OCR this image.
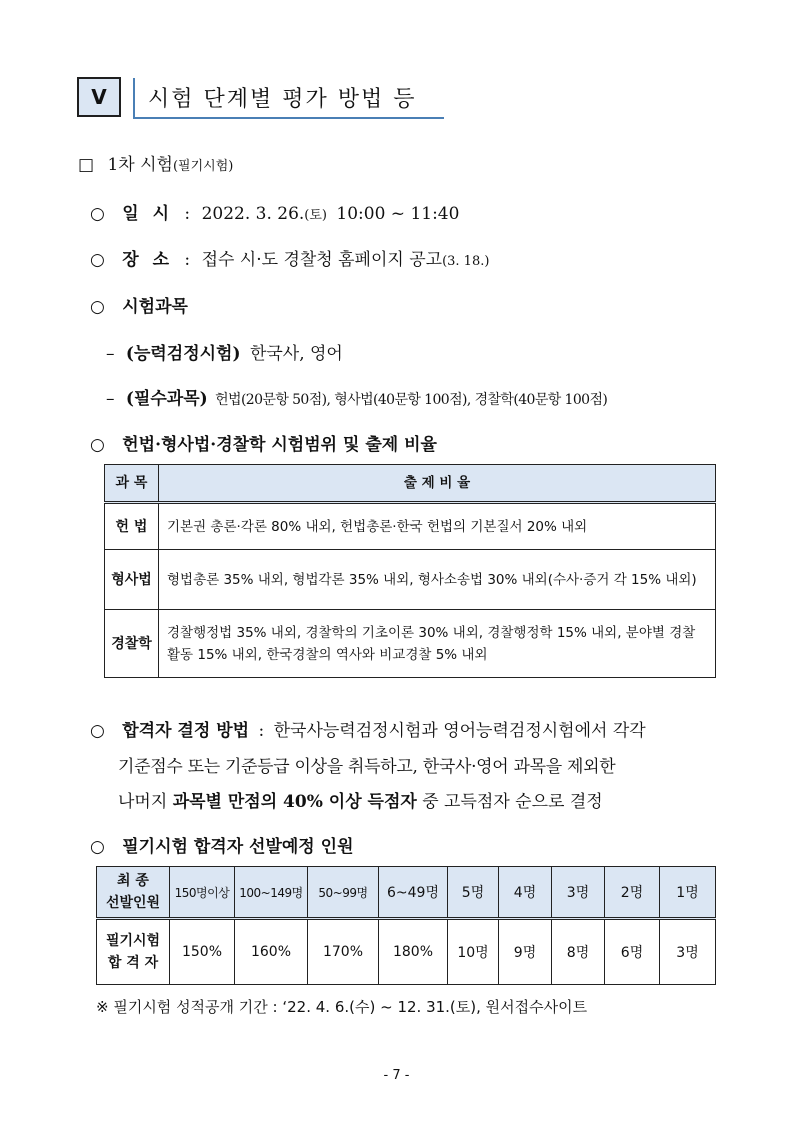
V 시험 단계별 평가 방법 등
□ 1차 시험(필기시험)
○ 일 시 : 2022. 3. 26.(토) 10:00 ~ 11:40
○ 장 소 : 접수 시·도 경찰청 홈페이지 공고(3. 18.)
○ 시험과목
– (능력검정시험) 한국사, 영어
– (필수과목) 헌법(20문항 50점), 형사법(40문항 100점), 경찰학(40문항 100점)
○ 헌법·형사법·경찰학 시험범위 및 출제 비율
과 목	출 제 비 율
헌 법	기본권 총론·각론 80% 내외, 헌법총론·한국 헌법의 기본질서 20% 내외
형사법	형법총론 35% 내외, 형법각론 35% 내외, 형사소송법 30% 내외(수사·증거 각 15% 내외)
경찰학	경찰행정법 35% 내외, 경찰학의 기초이론 30% 내외, 경찰행정학 15% 내외, 분야별 경찰활동 15% 내외, 한국경찰의 역사와 비교경찰 5% 내외
○ 합격자 결정 방법 : 한국사능력검정시험과 영어능력검정시험에서 각각
기준점수 또는 기준등급 이상을 취득하고, 한국사·영어 과목을 제외한
나머지 과목별 만점의 40% 이상 득점자 중 고득점자 순으로 결정
○ 필기시험 합격자 선발예정 인원
최 종
선발인원	150명이상	100~149명	50~99명	6~49명	5명	4명	3명	2명	1명

필기시험
합 격 자	150%	160%	170%	180%	10명	9명	8명	6명	3명
※ 필기시험 성적공개 기간 : ‘22. 4. 6.(수) ~ 12. 31.(토), 원서접수사이트
- 7 -
